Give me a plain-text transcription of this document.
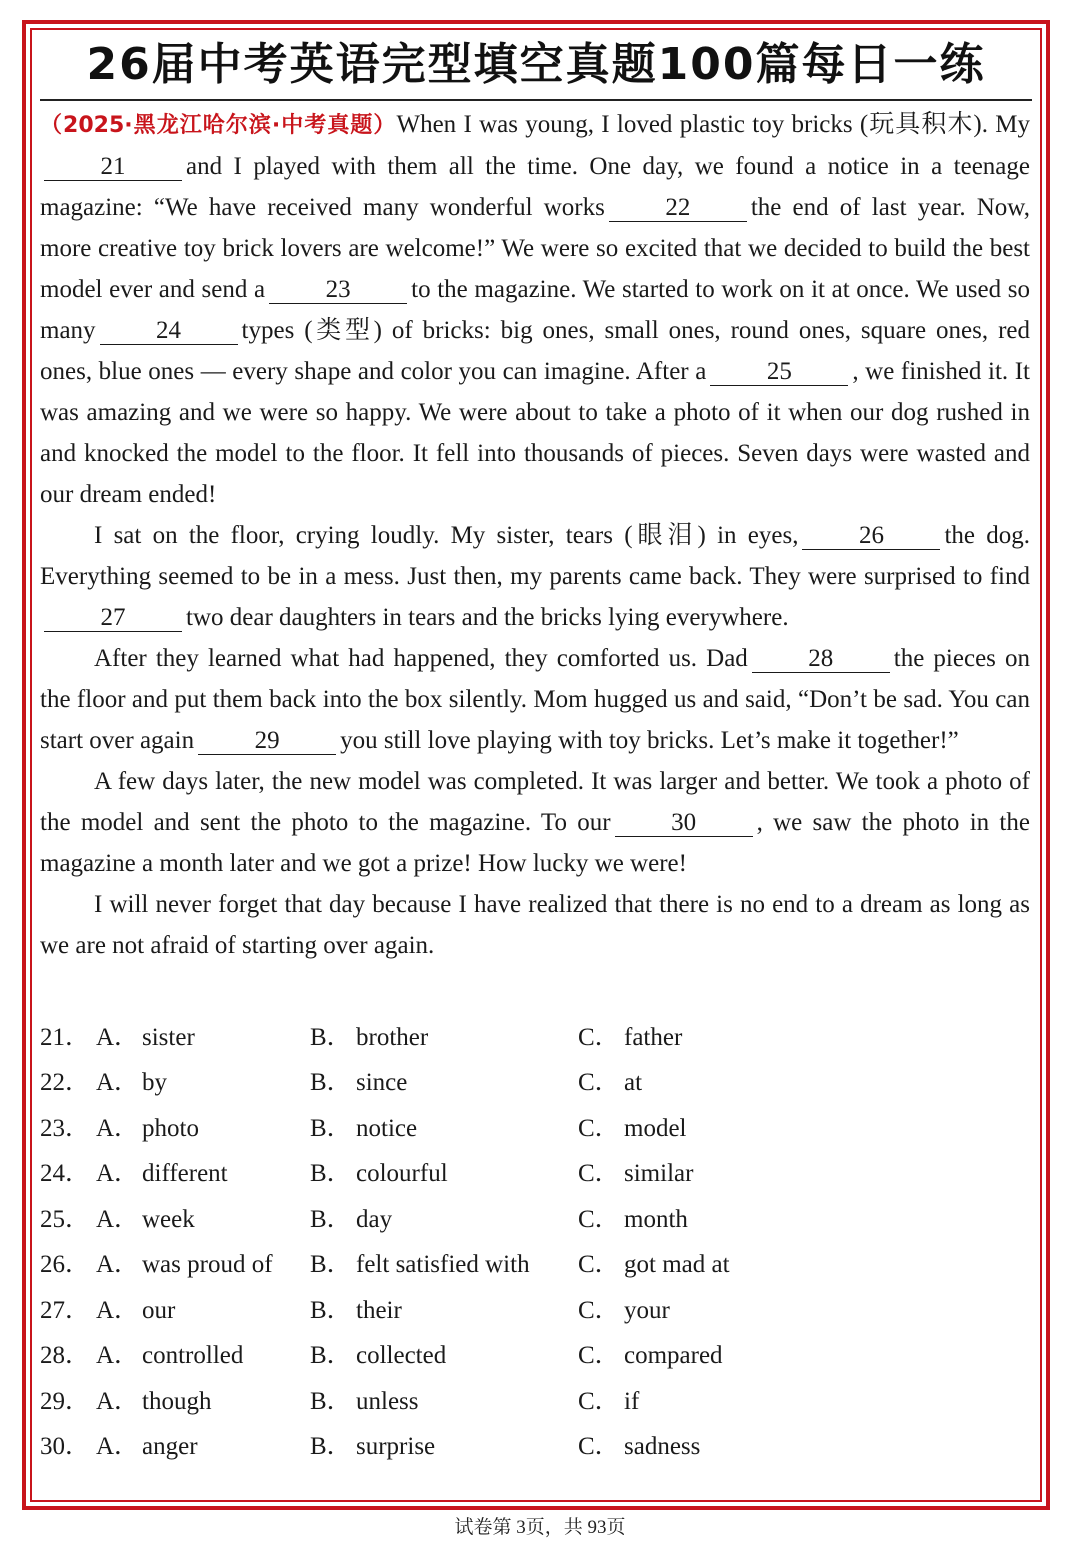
26届中考英语完型填空真题100篇每日一练

（2025·黑龙江哈尔滨·中考真题）When I was young, I loved plastic toy bricks (玩具积木). My21 and I played with them all the time. One day, we found a notice in a teenage magazine: “We have received many wonderful works 22 the end of last year. Now, more creative toy brick lovers are welcome!” We were so excited that we decided to build the best model ever and send a 23 to the magazine. We started to work on it at once. We used so many 24 types (类型) of bricks: big ones, small ones, round ones, square ones, red ones, blue ones — every shape and color you can imagine. After a 25 , we finished it. It was amazing and we were so happy. We were about to take a photo of it when our dog rushed in and knocked the model to the floor. It fell into thousands of pieces. Seven days were wasted and our dream ended!

I sat on the floor, crying loudly. My sister, tears (眼泪) in eyes, 26 the dog. Everything seemed to be in a mess. Just then, my parents came back. They were surprised to find27 two dear daughters in tears and the bricks lying everywhere.

After they learned what had happened, they comforted us. Dad 28 the pieces on the floor and put them back into the box silently. Mom hugged us and said, “Don’t be sad. You can start over again 29 you still love playing with toy bricks. Let’s make it together!”

A few days later, the new model was completed. It was larger and better. We took a photo of the model and sent the photo to the magazine. To our 30 , we saw the photo in the magazine a month later and we got a prize! How lucky we were!

I will never forget that day because I have realized that there is no end to a dream as long as we are not afraid of starting over again.

21． A． sister	B． brother	C． father
22． A． by	B． since	C． at
23． A． photo	B． notice	C． model
24． A． different	B． colourful	C． similar
25． A． week	B． day	C． month
26． A． was proud of	B． felt satisfied with	C． got mad at
27． A． our	B． their	C． your
28． A． controlled	B． collected	C． compared
29． A． though	B． unless	C． if
30． A． anger	B． surprise	C． sadness
试卷第 3页，共 93页
